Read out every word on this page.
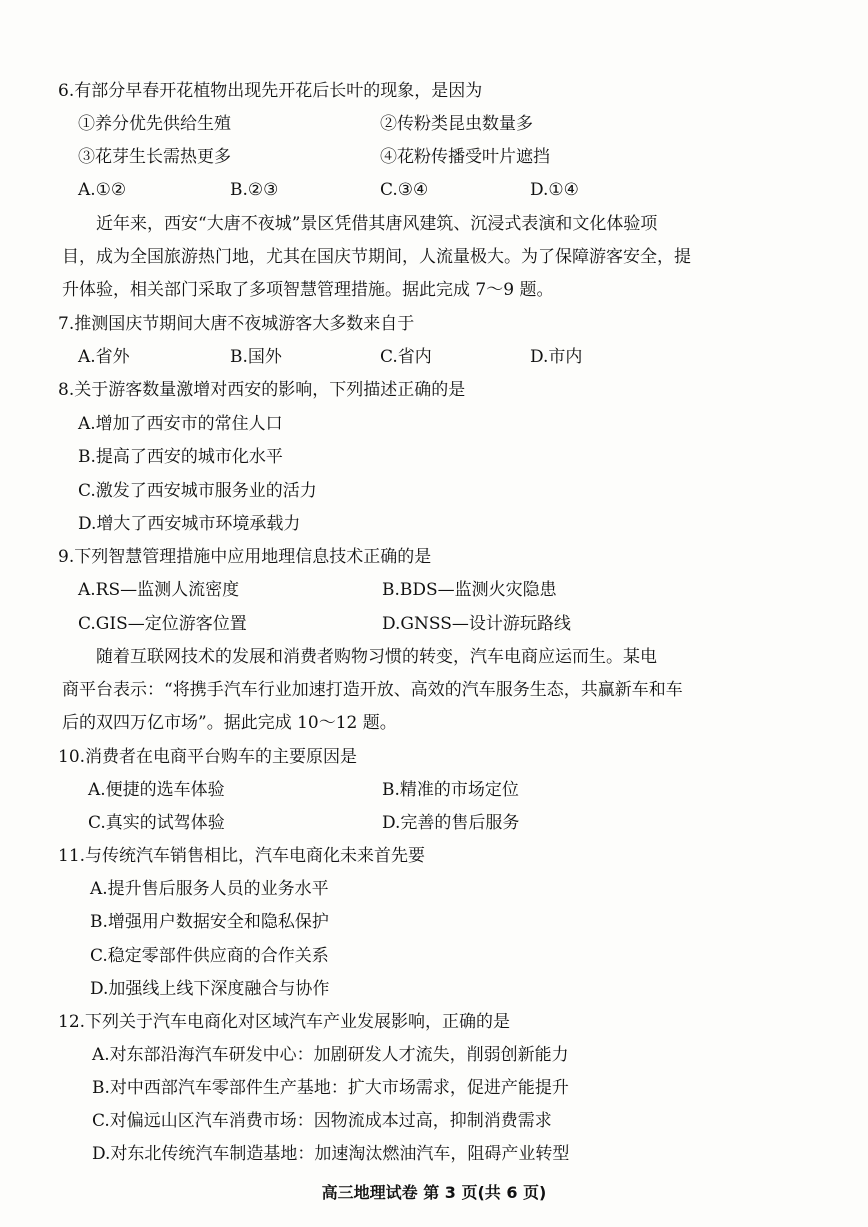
6.有部分早春开花植物出现先开花后长叶的现象，是因为
①养分优先供给生殖	②传粉类昆虫数量多
③花芽生长需热更多	④花粉传播受叶片遮挡
A.①②	B.②③	C.③④	D.①④
近年来，西安“大唐不夜城”景区凭借其唐风建筑、沉浸式表演和文化体验项
目，成为全国旅游热门地，尤其在国庆节期间，人流量极大。为了保障游客安全，提
升体验，相关部门采取了多项智慧管理措施。据此完成 7～9 题。
7.推测国庆节期间大唐不夜城游客大多数来自于
A.省外	B.国外	C.省内	D.市内
8.关于游客数量激增对西安的影响，下列描述正确的是
A.增加了西安市的常住人口
B.提高了西安的城市化水平
C.激发了西安城市服务业的活力
D.增大了西安城市环境承载力
9.下列智慧管理措施中应用地理信息技术正确的是
A.RS—监测人流密度	B.BDS—监测火灾隐患
C.GIS—定位游客位置	D.GNSS—设计游玩路线
随着互联网技术的发展和消费者购物习惯的转变，汽车电商应运而生。某电
商平台表示：“将携手汽车行业加速打造开放、高效的汽车服务生态，共赢新车和车
后的双四万亿市场”。据此完成 10～12 题。
10.消费者在电商平台购车的主要原因是
A.便捷的选车体验	B.精准的市场定位
C.真实的试驾体验	D.完善的售后服务
11.与传统汽车销售相比，汽车电商化未来首先要
A.提升售后服务人员的业务水平
B.增强用户数据安全和隐私保护
C.稳定零部件供应商的合作关系
D.加强线上线下深度融合与协作
12.下列关于汽车电商化对区域汽车产业发展影响，正确的是
A.对东部沿海汽车研发中心：加剧研发人才流失，削弱创新能力
B.对中西部汽车零部件生产基地：扩大市场需求，促进产能提升
C.对偏远山区汽车消费市场：因物流成本过高，抑制消费需求
D.对东北传统汽车制造基地：加速淘汰燃油汽车，阻碍产业转型
高三地理试卷 第 3 页(共 6 页)
